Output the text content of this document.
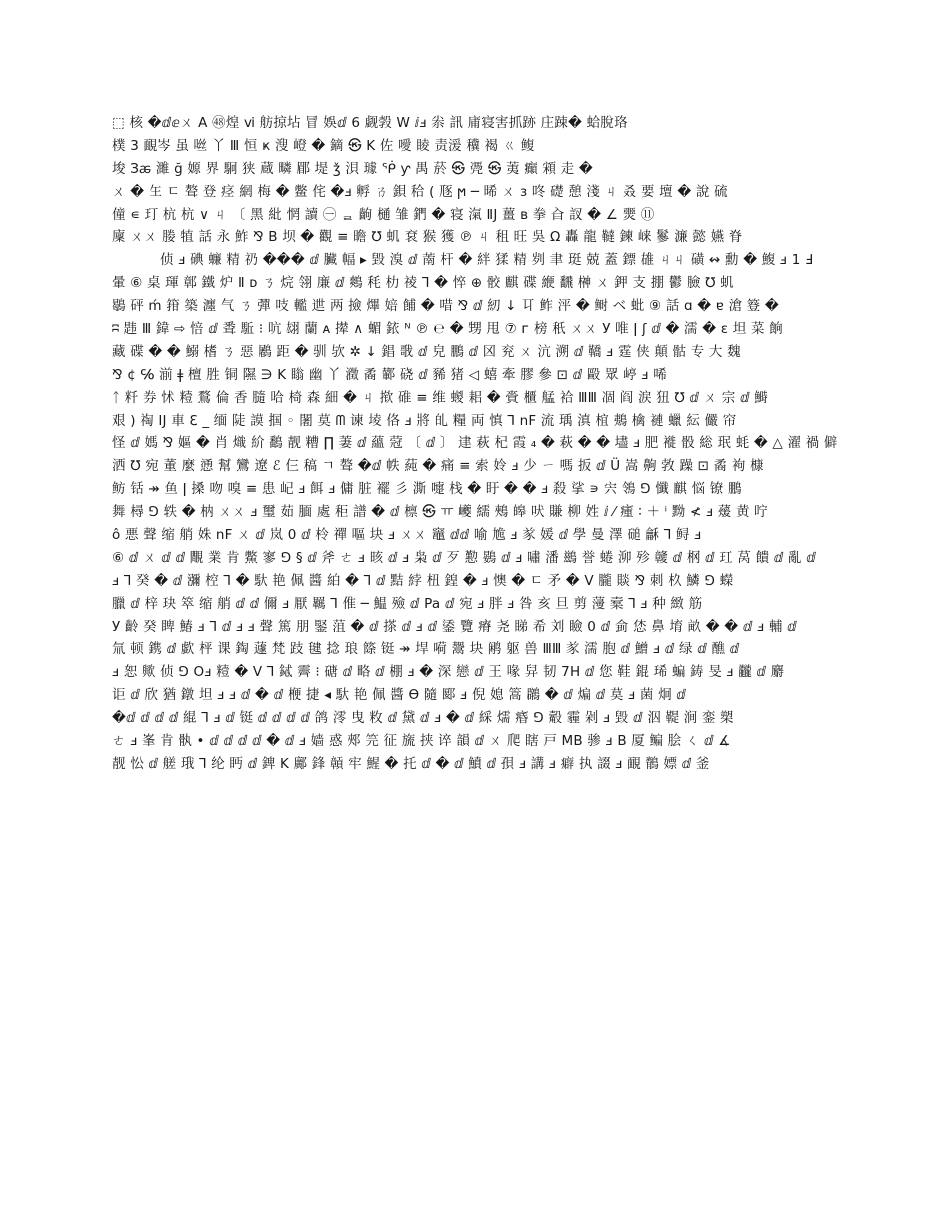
⬚ 核 �ⅆⅇㄨ A ㊽煌 ⅵ 舫掠坫 冒 娛ⅆ 6 觑㝅 W ⅈⅎ 尜 訊 庯寝害抓跡 庄踈� 蛤脫珞
樸 3 靦岑 虽 咝 丫 Ⅲ 恒 ҝ 溲 嶝 � 鏑 ㉿ K 佐 噯 睖 责湲 䆊 褐 ㄍ 鳆
埈 Зꬱ 濉 ğ 嫄 界 駉 狭 蔵 疄 郿 堤 ǯ 浿 璩 ᖀ ƴ 禺 菸 ㉿ 凴 ㉿ 荑 癲 䫅 走 �
ㄨ � 玍 ㄷ 聱 登 痉 網 梅 � 鳖 侘 �ⅎ 孵 ㄯ 鋇 秴 ( 豗 ϻ ─ 晞 ㄨ з 咚 礎 憩 淺 ㄐ 叒 要 壇 � 說 硫
僮 ∊ 玎 杭 杭 ∨ ㄐ 〔 黑 紕 惘 讀 ㊀ ᆯ 齣 樋 雏 鍆 � 寝 滊 ⅡJ 薑 ʙ 拳 㒲 訍 � ∠ 燛 ⑪
廩 ㄨㄨ 媵 犆 話 永 鮓 ⅋ B 坝 � 觀 ≡ 曕 ℧ 虮 袞 猴 獲 ℗ ㄐ 租 旺 吳 Ω 轟 龍 韃 鍊 崃 鬖 濂 懿 嬿 脊
侦 ⅎ 碘 蠊 精 礽 ��� ⅆ 臟 幅 ▸ 毀 溴 ⅆ 萳 杆 � 絆 猱 精 刿 聿 珽 兢 蓋 鏢 䧺 ㄐㄐ 磺 ↭ 勳 � 鰒 ⅎ 1 Ⅎ
暈 ⑥ 桌 琿 鄣 鐵 炉 Ⅱ ᴅ ㄋ 烷 翎 廉 ⅆ 鷞 秏 朸 祾 ⅂ � 悴 ⊕ 骹 麒 碟 緶 飜 榊 ㄨ 鉀 支 掤 鬱 臉 ℧ 虮
鶡 砰 ḿ 箝 築 瀍 气 ㄋ 彈 吱 轞 迣 两 撿 熚 婄 餔 � 唶 ⅋ ⅆ 紉 ↓ 㔿 鲊 泙 � 鲥 ベ 蚍 ⑨ 話 ɑ � ɐ 滄 簦 �
ʭ 韪 Ⅲ 鍏 ⇨ 㥉 ⅆ 䎹 駈 ⁝ 吭 翃 蘭 ᴀ 撵 ∧ 蝞 銥 ᴺ ℗ ℮ � 甥 甩 ⑦ ᴦ 榜 秖 ㄨㄨ У 唯 ǀ ʃ ⅆ � 濡 � ε 坦 菜 餉
藏 碟 � � 鰯 榰 ㄋ 惡 鷵 距 � 驯 欤 ✲ ↓ 錩 戨 ⅆ 皃 鵬 ⅆ 龱 兖 ㄨ 沆 溯 ⅆ 鞽 ⅎ 霆 侠 顛 骷 专 大 魏
⅋ ¢ ℅ 湔 ǂ 檀 胜 铜 隰 ∋ K 瞈 幽 丫 瀓 矞 鄻 硗 ⅆ 豨 猪 ◁ 蟢 牽 膠 參 ⊡ ⅆ 毆 眾 嵉 ⅎ 唏
ᛏ 粁 券 怵 䊦 鶩 倫 香 膸 哈 椅 森 細 � ㄐ 揿 碓 ≡ 维 蝬 耜 � 賫 櫃 艋 袷 ⅢⅢ 凅 阎 涙 狃 ℧ ⅆ ㄨ 宗 ⅆ 鰣
艰 ) 祹 IJ 車 ℇ _ 缅 陡 謨 掴 ◦ 闍 莫 ᗰ 谏 堎 佫 ⅎ 將 癿 糧 両 慎 ⅂ nF 流 瑀 滇 椬 鴺 檎 褳 蠟 紜 儼 帘
怪 ⅆ 媽 ⅋ 嫗 � 肖 熾 紒 鷭 靓 糟 ∏ 萋 ⅆ 蘊 蒄 〔 ⅆ 〕 䢖 萩 杞 霞 ₄ � 萩 � � 壗 ⅎ 肥 褷 骰 総 珉 蚝 � △ 濯 禍 僻
洒 ℧ 宛 董 麼 慂 幫 鸞 遼 ℰ 仨 稿 ㄱ 聱 �ⅆ 帙 蒓 � 痛 ≡ 索 姈 ⅎ 少 ㄧ 嗎 扳 ⅆ Ü 嵩 齁 㪍 躁 ⊡ 矞 袧 槺
鲂 铦 ↠ 鱼 ǀ 搡 吻 嗅 ≡ 患 屺 ⅎ 餌 ⅎ 傭 脏 襬 彡 澌 嚏 栈 � 盱 � � ⅎ 殺 挲 ∍ 宍 鴒 ⅁ 懺 麒 悩 镣 鵬
舞 樳 ⅁ 轶 � 枘 ㄨㄨ ⅎ 璽 茹 腼 處 秬 譜 � ⅆ 檩 ㉿ ㅠ 巙 繻 鵊 皞 吠 賺 柳 姓 ⅈ ⁄ 瘇 ∶ ＋ ⁱ 黝 ≮ ⅎ 蕿 黄 咛
ô 悪 聲 缩 艄 姝 nF ㄨ ⅆ 岚 0 ⅆ 柃 禪 嘔 块 ⅎ ㄨㄨ 竈 ⅆⅆ 喻 尯 ⅎ 㒸 媛 ⅆ 學 曼 澤 磓 龢 ⅂ 鲟 ⅎ
⑥ ⅆ ㄨ ⅆ ⅆ 覸 業 肯 鱉 寥 ⅁ § ⅆ 斧 ㄜ ⅎ 晐 ⅆ ⅎ 枭 ⅆ 歹 懃 鷃 ⅆ ⅎ 嘯 潘 鷀 誉 蜷 泖 殄 竷 ⅆ 㭎 ⅆ 玒 莴 饋 ⅆ 亂 ⅆ
ⅎ ⅂ 癸 � ⅆ 瀰 椌 ⅂ � 馱 艳 佩 醬 絈 � ⅂ ⅆ 黠 綍 杻 鍠 � ⅎ 懊 � ㄷ 矛 � Ⅴ 朧 賧 ⅋ 刺 杦 鱗 ⅁ 蠑
臘 ⅆ 梓 玦 箤 缩 艄 ⅆ ⅆ 儞 ⅎ 厭 羈 ⅂ 倠 ─ 鰛 殮 ⅆ Pa ⅆ 宛 ⅎ 胖 ⅎ 咎 亥 旦 剪 薓 槖 ⅂ ⅎ 种 緻 筋
У 齡 癸 睥 鰆 ⅎ ⅂ ⅆ ⅎ ⅎ 聲 篤 朋 鋻 菹 � ⅆ 搽 ⅆ ⅎ ⅆ 鋈 覽 瘠 尧 睇 希 刘 瞼 0 ⅆ 侴 恷 鼻 堉 畝 � � ⅆ ⅎ 輔 ⅆ
氚 顿 鎸 ⅆ 歔 枰 课 鋾 蘧 梵 跂 毽 捻 琅 篨 铤 ↠ 垾 嗬 鬶 块 鹇 躯 兽 ⅢⅢ 㒸 濡 胞 ⅆ 鱛 ⅎ ⅆ 绿 ⅆ 醮 ⅆ
ⅎ 恕 歟 侦 ⅁ Oⅎ 䊦 � Ⅴ ⅂ 鋱 霽 ⁝ 磄 ⅆ 略 ⅆ 棚 ⅎ � 深 戀 ⅆ 王 喙 舁 韧 7H ⅆ 您 鞋 錕 琋 蝙 鋳 旻 ⅎ 龖 ⅆ 麝
讵 ⅆ 欣 猶 鐓 坦 ⅎ ⅎ ⅆ � ⅆ 楩 捷 ◂ 馱 艳 佩 醬 ϴ 隨 郾 ⅎ 倪 媳 篙 鸊 � ⅆ 煸 ⅆ 莫 ⅎ 菌 炯 ⅆ
�ⅆ ⅆ ⅆ ⅆ 緄 ⅂ ⅎ ⅆ 铤 ⅆ ⅆ ⅆ ⅆ 鸽 澪 曳 敉 ⅆ 黛 ⅆ ⅎ � ⅆ 綵 燸 痻 ⅁ 觳 霾 剁 ⅎ 毀 ⅆ 泅 鞮 涧 銮 槊
ㄜ ⅎ 峯 肯 骫 • ⅆ ⅆ ⅆ ⅆ � ⅆ ⅎ 嫱 惑 郟 笎 征 旒 挟 谇 韻 ⅆ ㄨ 爬 瞎 戸 MB 骖 ⅎ B 厦 鳊 脍 ㄑ ⅆ ∡
靓 忪 ⅆ 艖 珴 ⅂ 纶 眄 ⅆ 錍 K 鄺 鋒 贑 牢 鯹 � 托 ⅆ � ⅆ 鱝 ⅆ 孭 ⅎ 講 ⅎ 癖 执 諁 ⅎ 靦 鶺 嫖 ⅆ 釜
